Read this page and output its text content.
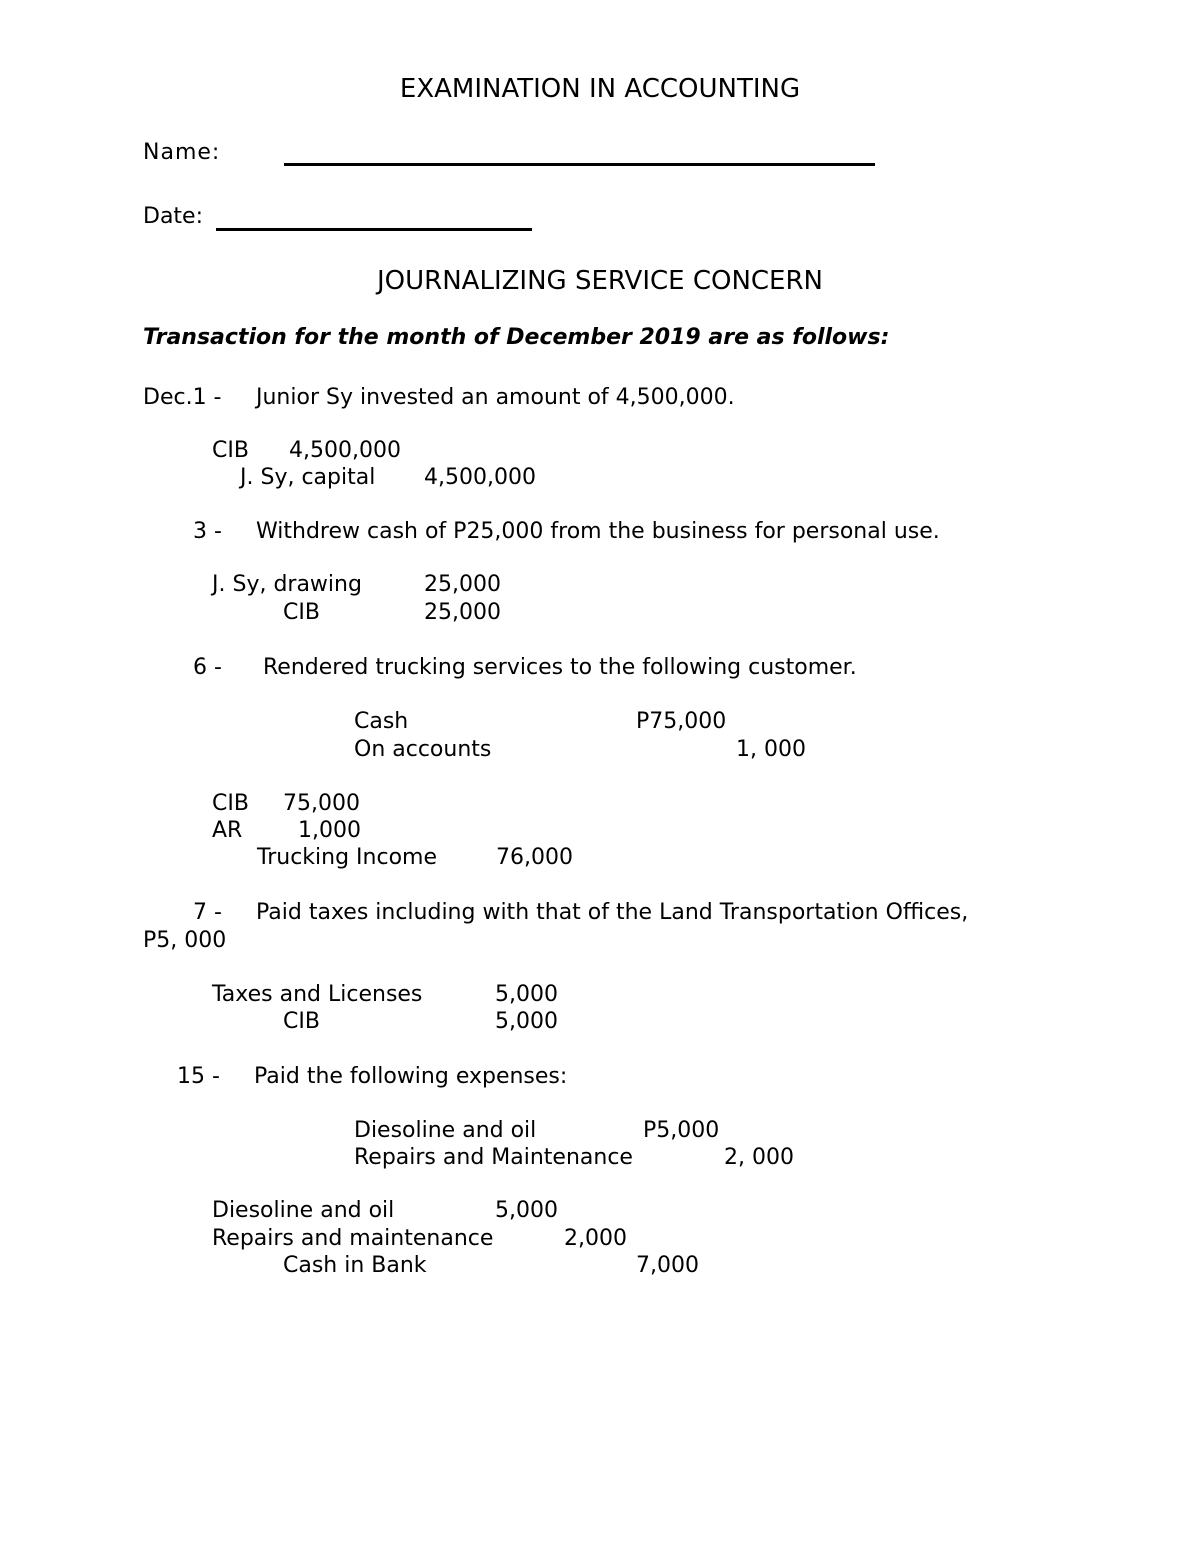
EXAMINATION IN ACCOUNTING
Name:
Date:
JOURNALIZING SERVICE CONCERN
Transaction for the month of December 2019 are as follows:
Dec.1 - Junior Sy invested an amount of 4,500,000.
CIB 4,500,000
J. Sy, capital 4,500,000
3 - Withdrew cash of P25,000 from the business for personal use.
J. Sy, drawing	25,000
CIB	25,000
6 - Rendered trucking services to the following customer.
Cash	P75,000
On accounts	1, 000
CIB 75,000
AR	1,000
Trucking Income	76,000
7 - Paid taxes including with that of the Land Transportation Offices,
P5, 000
Taxes and Licenses	5,000
CIB	5,000
15 - Paid the following expenses:
Diesoline and oil	P5,000
Repairs and Maintenance	2, 000
Diesoline and oil	5,000
Repairs and maintenance	2,000
Cash in Bank	7,000
